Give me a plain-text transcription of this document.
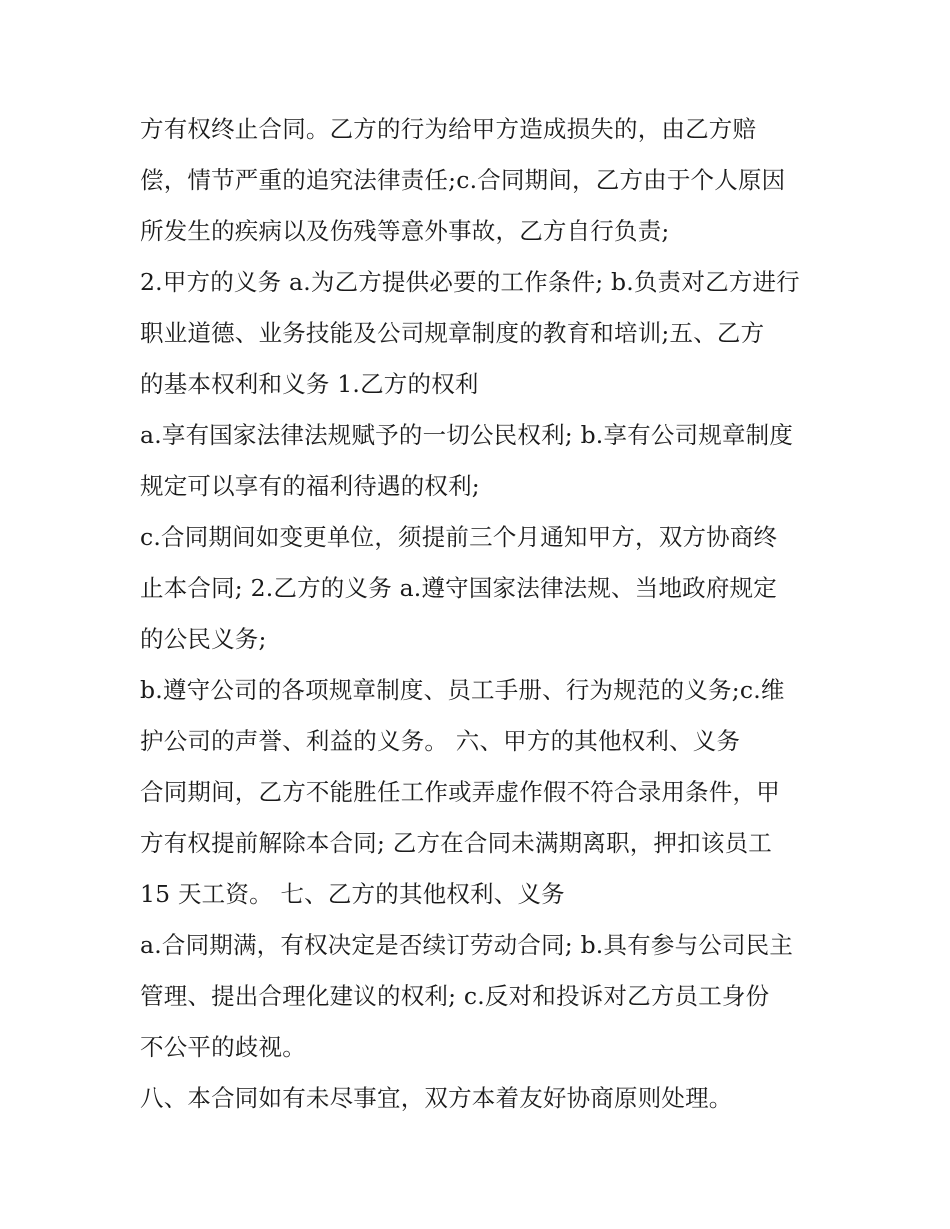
方有权终止合同。乙方的行为给甲方造成损失的，由乙方赔
偿，情节严重的追究法律责任;c.合同期间，乙方由于个人原因
所发生的疾病以及伤残等意外事故，乙方自行负责;
2.甲方的义务 a.为乙方提供必要的工作条件; b.负责对乙方进行
职业道德、业务技能及公司规章制度的教育和培训;五、乙方
的基本权利和义务 1.乙方的权利
a.享有国家法律法规赋予的一切公民权利; b.享有公司规章制度
规定可以享有的福利待遇的权利;
c.合同期间如变更单位，须提前三个月通知甲方，双方协商终
止本合同; 2.乙方的义务 a.遵守国家法律法规、当地政府规定
的公民义务;
b.遵守公司的各项规章制度、员工手册、行为规范的义务;c.维
护公司的声誉、利益的义务。 六、甲方的其他权利、义务
合同期间，乙方不能胜任工作或弄虚作假不符合录用条件，甲
方有权提前解除本合同; 乙方在合同未满期离职，押扣该员工
15 天工资。 七、乙方的其他权利、义务
a.合同期满，有权决定是否续订劳动合同; b.具有参与公司民主
管理、提出合理化建议的权利; c.反对和投诉对乙方员工身份
不公平的歧视。
八、本合同如有未尽事宜，双方本着友好协商原则处理。
